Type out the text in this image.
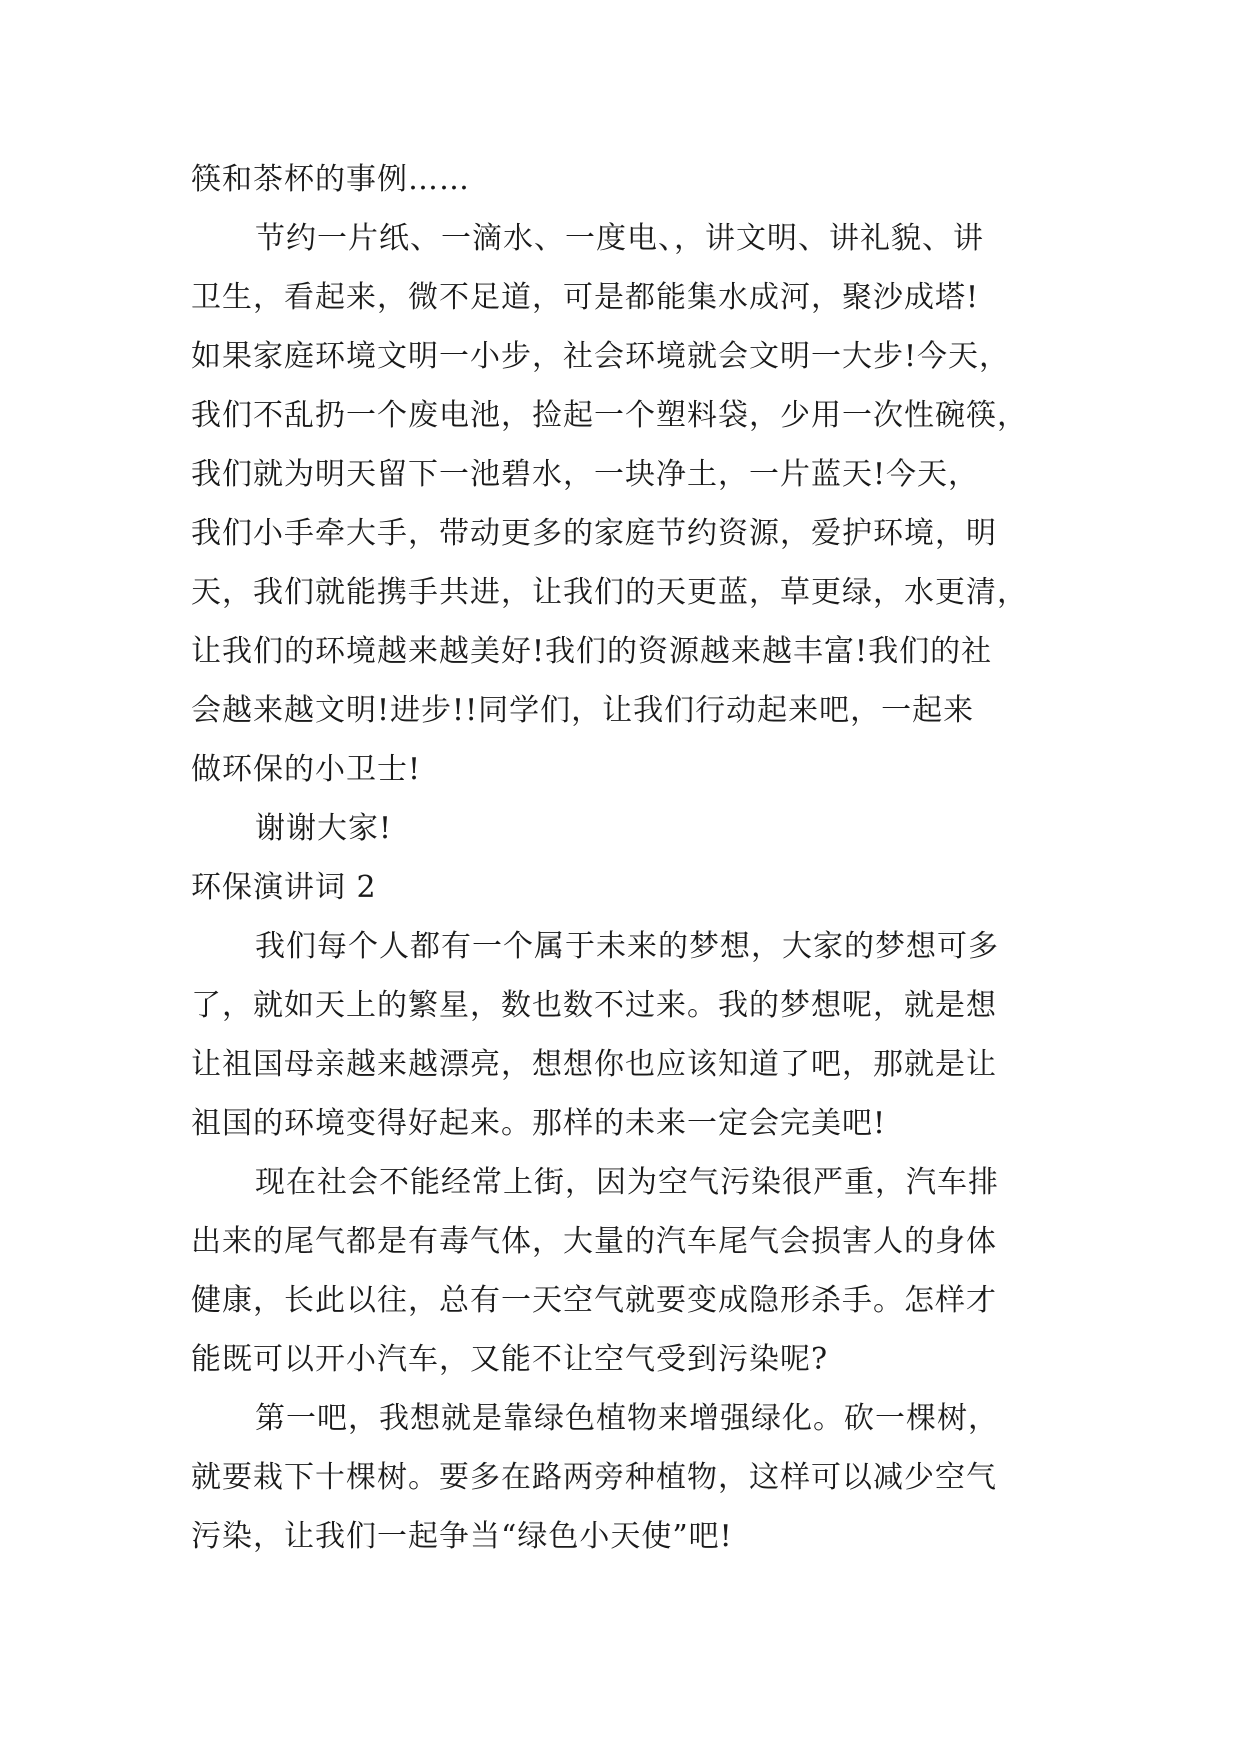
筷和茶杯的事例……
节约一片纸、一滴水、一度电、，讲文明、讲礼貌、讲
卫生，看起来，微不足道，可是都能集水成河，聚沙成塔!
如果家庭环境文明一小步，社会环境就会文明一大步!今天，
我们不乱扔一个废电池，捡起一个塑料袋，少用一次性碗筷，
我们就为明天留下一池碧水，一块净土，一片蓝天!今天，
我们小手牵大手，带动更多的家庭节约资源，爱护环境，明
天，我们就能携手共进，让我们的天更蓝，草更绿，水更清，
让我们的环境越来越美好!我们的资源越来越丰富!我们的社
会越来越文明!进步!!同学们，让我们行动起来吧，一起来
做环保的小卫士!
谢谢大家!
环保演讲词 2
我们每个人都有一个属于未来的梦想，大家的梦想可多
了，就如天上的繁星，数也数不过来。我的梦想呢，就是想
让祖国母亲越来越漂亮，想想你也应该知道了吧，那就是让
祖国的环境变得好起来。那样的未来一定会完美吧!
现在社会不能经常上街，因为空气污染很严重，汽车排
出来的尾气都是有毒气体，大量的汽车尾气会损害人的身体
健康，长此以往，总有一天空气就要变成隐形杀手。怎样才
能既可以开小汽车，又能不让空气受到污染呢?
第一吧，我想就是靠绿色植物来增强绿化。砍一棵树，
就要栽下十棵树。要多在路两旁种植物，这样可以减少空气
污染，让我们一起争当“绿色小天使”吧!
